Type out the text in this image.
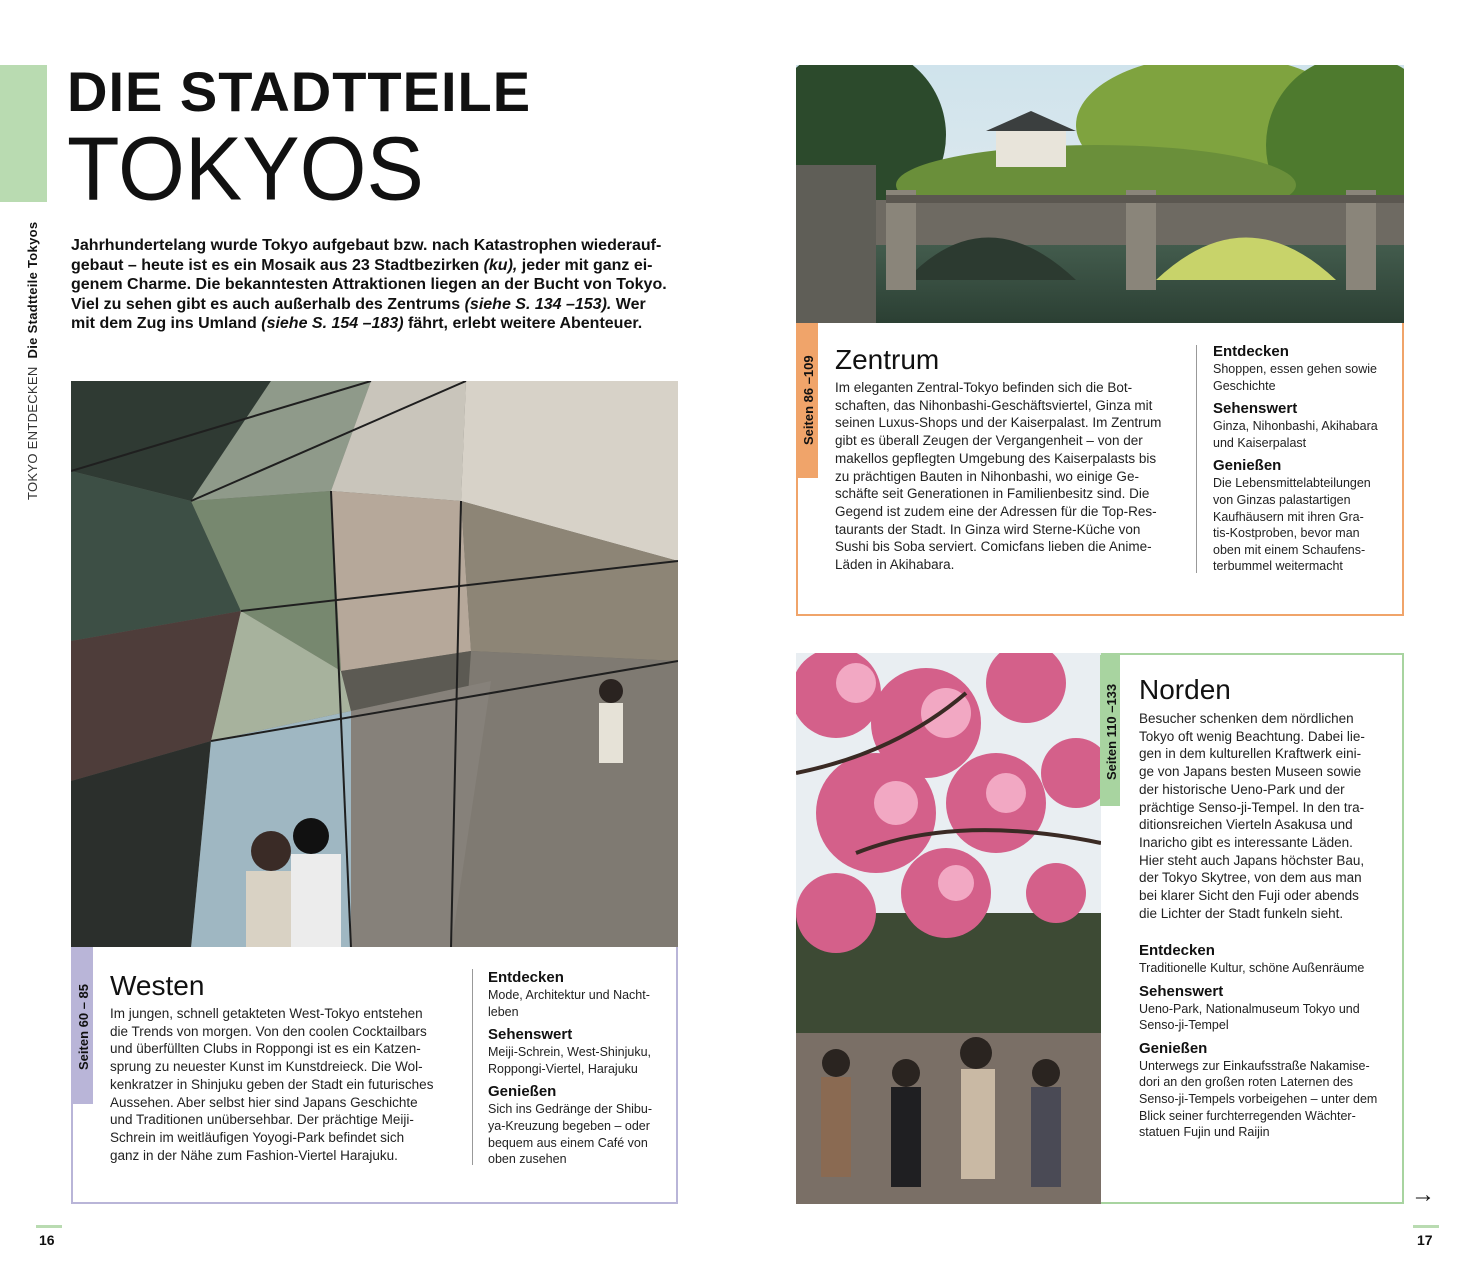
TOKYO ENTDECKENDie Stadtteile Tokyos
DIE STADTTEILE
TOKYOS

Jahrhundertelang wurde Tokyo aufgebaut bzw. nach Katastrophen wiederauf-

gebaut – heute ist es ein Mosaik aus 23 Stadtbezirken (ku), jeder mit ganz ei-

genem Charme. Die bekanntesten Attraktionen liegen an der Bucht von Tokyo.

Viel zu sehen gibt es auch außerhalb des Zentrums (siehe S. 134 –153). Wer

mit dem Zug ins Umland (siehe S. 154 –183) fährt, erlebt weitere Abenteuer.

Seiten 60 – 85 Westen

Im jungen, schnell getakteten West-Tokyo entstehen

die Trends von morgen. Von den coolen Cocktailbars

und überfüllten Clubs in Roppongi ist es ein Katzen-

sprung zu neuester Kunst im Kunstdreieck. Die Wol-

kenkratzer in Shinjuku geben der Stadt ein futurisches

Aussehen. Aber selbst hier sind Japans Geschichte

und Traditionen unübersehbar. Der prächtige Meiji-

Schrein im weitläufigen Yoyogi-Park befindet sich

ganz in der Nähe zum Fashion-Viertel Harajuku.

Entdecken

Mode, Architektur und Nacht-
leben

Sehenswert

Meiji-Schrein, West-Shinjuku,
Roppongi-Viertel, Harajuku

Genießen

Sich ins Gedränge der Shibu-
ya-Kreuzung begeben – oder
bequem aus einem Café von
oben zusehen

16
Seiten 86 –109 Zentrum

Im eleganten Zentral-Tokyo befinden sich die Bot-

schaften, das Nihonbashi-Geschäftsviertel, Ginza mit

seinen Luxus-Shops und der Kaiserpalast. Im Zentrum

gibt es überall Zeugen der Vergangenheit – von der

makellos gepflegten Umgebung des Kaiserpalasts bis

zu prächtigen Bauten in Nihonbashi, wo einige Ge-

schäfte seit Generationen in Familienbesitz sind. Die

Gegend ist zudem eine der Adressen für die Top-Res-

taurants der Stadt. In Ginza wird Sterne-Küche von

Sushi bis Soba serviert. Comicfans lieben die Anime-

Läden in Akihabara.

Entdecken

Shoppen, essen gehen sowie
Geschichte

Sehenswert

Ginza, Nihonbashi, Akihabara
und Kaiserpalast

Genießen

Die Lebensmittelabteilungen
von Ginzas palastartigen
Kaufhäusern mit ihren Gra-
tis-Kostproben, bevor man
oben mit einem Schaufens-
terbummel weitermacht

Seiten 110 –133 Norden

Besucher schenken dem nördlichen

Tokyo oft wenig Beachtung. Dabei lie-

gen in dem kulturellen Kraftwerk eini-

ge von Japans besten Museen sowie

der historische Ueno-Park und der

prächtige Senso-ji-Tempel. In den tra-

ditionsreichen Vierteln Asakusa und

Inaricho gibt es interessante Läden.

Hier steht auch Japans höchster Bau,

der Tokyo Skytree, von dem aus man

bei klarer Sicht den Fuji oder abends

die Lichter der Stadt funkeln sieht.

Entdecken

Traditionelle Kultur, schöne Außenräume

Sehenswert

Ueno-Park, Nationalmuseum Tokyo und
Senso-ji-Tempel

Genießen

Unterwegs zur Einkaufsstraße Nakamise-
dori an den großen roten Laternen des
Senso-ji-Tempels vorbeigehen – unter dem
Blick seiner furchterregenden Wächter-
statuen Fujin und Raijin

→
17
